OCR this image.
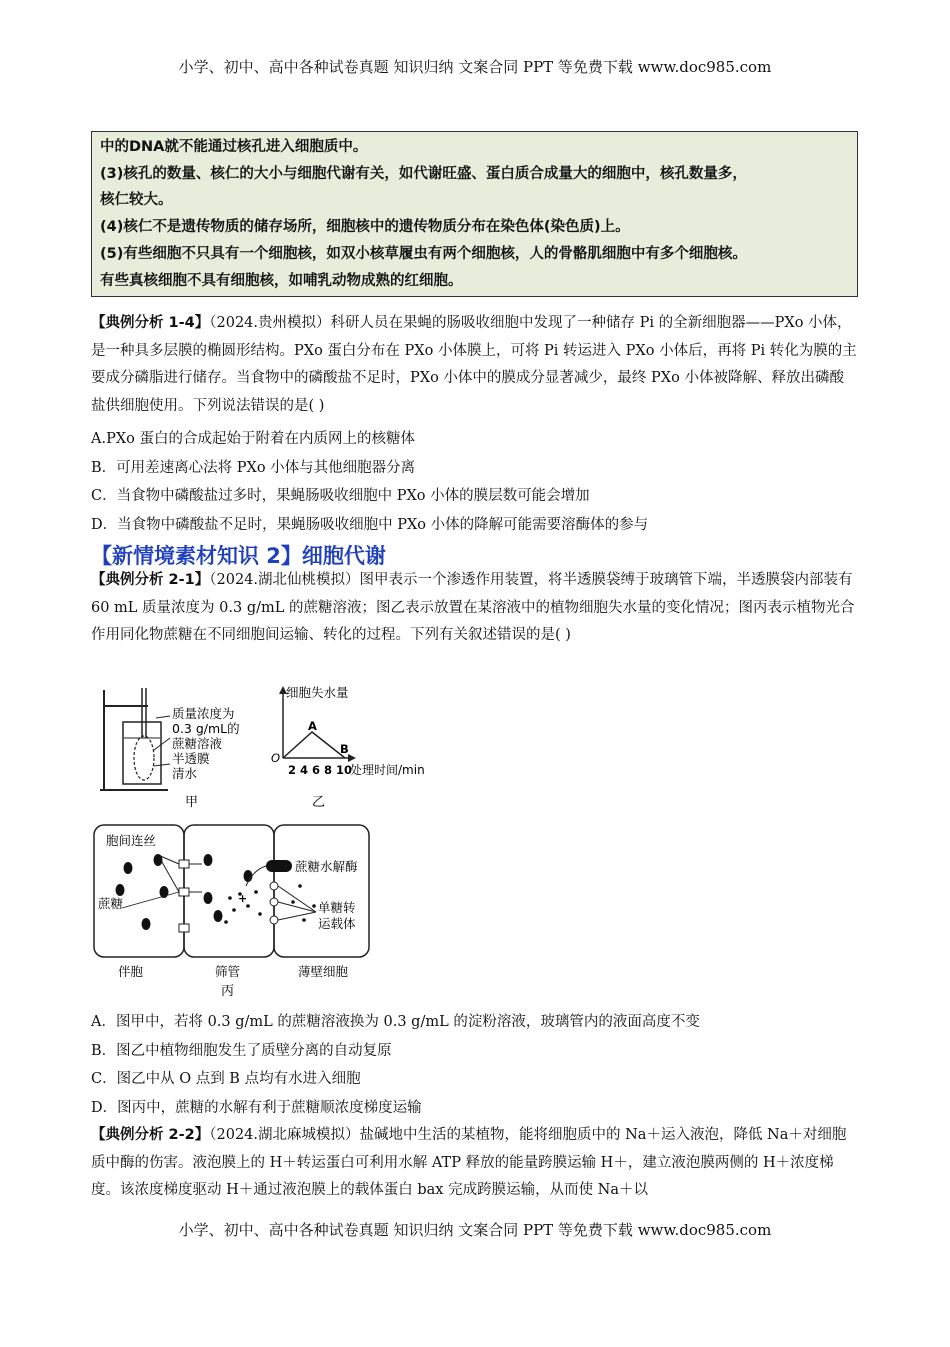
小学、初中、高中各种试卷真题 知识归纳 文案合同 PPT 等免费下载 www.doc985.com

中的DNA就不能通过核孔进入细胞质中。

(3)核孔的数量、核仁的大小与细胞代谢有关，如代谢旺盛、蛋白质合成量大的细胞中，核孔数量多，

核仁较大。

(4)核仁不是遗传物质的储存场所，细胞核中的遗传物质分布在染色体(染色质)上。

(5)有些细胞不只具有一个细胞核，如双小核草履虫有两个细胞核，人的骨骼肌细胞中有多个细胞核。

有些真核细胞不具有细胞核，如哺乳动物成熟的红细胞。

【典例分析 1-4】（2024.贵州模拟）科研人员在果蝇的肠吸收细胞中发现了一种储存 Pi 的全新细胞器——PXo 小体，是一种具多层膜的椭圆形结构。PXo 蛋白分布在 PXo 小体膜上，可将 Pi 转运进入 PXo 小体后，再将 Pi 转化为膜的主要成分磷脂进行储存。当食物中的磷酸盐不足时，PXo 小体中的膜成分显著减少，最终 PXo 小体被降解、释放出磷酸盐供细胞使用。下列说法错误的是( )

A.PXo 蛋白的合成起始于附着在内质网上的核糖体

B．可用差速离心法将 PXo 小体与其他细胞器分离

C．当食物中磷酸盐过多时，果蝇肠吸收细胞中 PXo 小体的膜层数可能会增加

D．当食物中磷酸盐不足时，果蝇肠吸收细胞中 PXo 小体的降解可能需要溶酶体的参与

【新情境素材知识 2】细胞代谢

【典例分析 2-1】（2024.湖北仙桃模拟）图甲表示一个渗透作用装置，将半透膜袋缚于玻璃管下端，半透膜袋内部装有 60 mL 质量浓度为 0.3 g/mL 的蔗糖溶液；图乙表示放置在某溶液中的植物细胞失水量的变化情况；图丙表示植物光合作用同化物蔗糖在不同细胞间运输、转化的过程。下列有关叙述错误的是( )

质量浓度为
0.3 g/mL的
蔗糖溶液
半透膜
清水
甲
细胞失水量
A
B
O
2 4 6 8 10
处理时间/min
乙
+
胞间连丝
蔗糖
蔗糖水解酶
单糖转
运载体
伴胞	筛管	薄壁细胞
丙

A．图甲中，若将 0.3 g/mL 的蔗糖溶液换为 0.3 g/mL 的淀粉溶液，玻璃管内的液面高度不变

B．图乙中植物细胞发生了质壁分离的自动复原

C．图乙中从 O 点到 B 点均有水进入细胞

D．图丙中，蔗糖的水解有利于蔗糖顺浓度梯度运输

【典例分析 2-2】（2024.湖北麻城模拟）盐碱地中生活的某植物，能将细胞质中的 Na＋运入液泡，降低 Na＋对细胞质中酶的伤害。液泡膜上的 H＋转运蛋白可利用水解 ATP 释放的能量跨膜运输 H＋，建立液泡膜两侧的 H＋浓度梯度。该浓度梯度驱动 H＋通过液泡膜上的载体蛋白 bax 完成跨膜运输，从而使 Na＋以

小学、初中、高中各种试卷真题 知识归纳 文案合同 PPT 等免费下载 www.doc985.com
